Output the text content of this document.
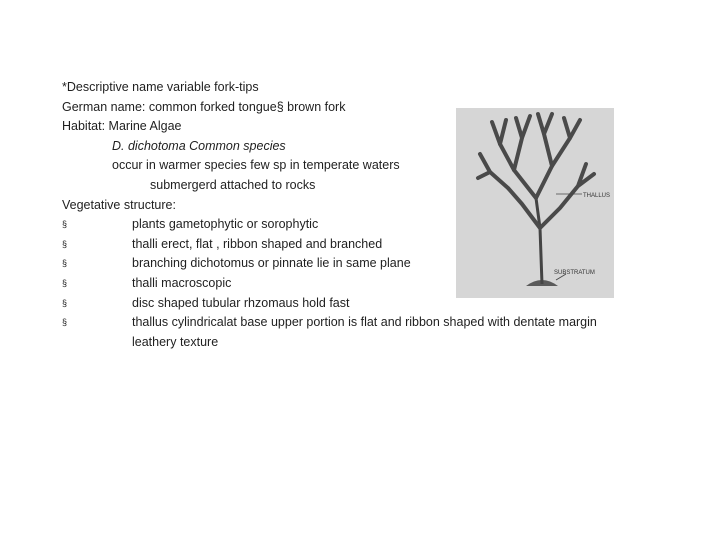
*Descriptive name variable fork-tips
German name: common forked tongue§ brown fork
Habitat: Marine Algae
D. dichotoma Common species
occur in warmer species few sp in temperate waters
submergerd attached to rocks
Vegetative structure:
§	plants gametophytic or sorophytic
§	thalli erect, flat , ribbon shaped and branched
§	branching dichotomus or pinnate lie in same plane
§	thalli macroscopic
§	disc shaped tubular rhzomaus hold fast
§	thallus cylindricalat base upper portion is flat and ribbon shaped with dentate margin leathery texture
THALLUS
SUBSTRATUM
